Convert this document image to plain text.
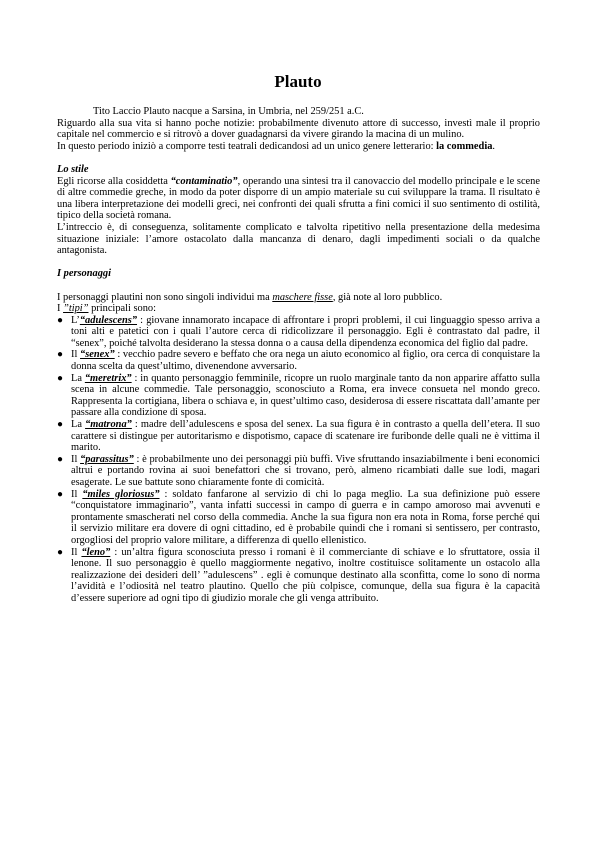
Plauto

Tito Laccio Plauto nacque a Sarsina, in Umbria, nel 259/251 a.C.

Riguardo alla sua vita si hanno poche notizie: probabilmente divenuto attore di successo, investì male il proprio capitale nel commercio e si ritrovò a dover guadagnarsi da vivere girando la macina di un mulino.

In questo periodo iniziò a comporre testi teatrali dedicandosi ad un unico genere letterario: la commedia.

Lo stile

Egli ricorse alla cosiddetta “contaminatio”, operando una sintesi tra il canovaccio del modello principale e le scene di altre commedie greche, in modo da poter disporre di un ampio materiale su cui sviluppare la trama. Il risultato è una libera interpretazione dei modelli greci, nei confronti dei quali sfrutta a fini comici il suo sentimento di ostilità, tipico della società romana.

L’intreccio è, di conseguenza, solitamente complicato e talvolta ripetitivo nella presentazione della medesima situazione iniziale: l’amore ostacolato dalla mancanza di denaro, dagli impedimenti sociali o da qualche antagonista.

I personaggi

I personaggi plautini non sono singoli individui ma maschere fisse, già note al loro pubblico.

I ”tipi” principali sono:

● L’“adulescens” : giovane innamorato incapace di affrontare i propri problemi, il cui linguaggio spesso arriva a toni alti e patetici con i quali l’autore cerca di ridicolizzare il personaggio. Egli è contrastato dal padre, il “senex”, poiché talvolta desiderano la stessa donna o a causa della dipendenza economica del figlio dal padre.
● Il “senex” : vecchio padre severo e beffato che ora nega un aiuto economico al figlio, ora cerca di conquistare la donna scelta da quest’ultimo, divenendone avversario.
● La “meretrix” : in quanto personaggio femminile, ricopre un ruolo marginale tanto da non apparire affatto sulla scena in alcune commedie. Tale personaggio, sconosciuto a Roma, era invece consueta nel mondo greco. Rappresenta la cortigiana, libera o schiava e, in quest’ultimo caso, desiderosa di essere riscattata dall’amante per passare alla condizione di sposa.
● La “matrona” : madre dell’adulescens e sposa del senex. La sua figura è in contrasto a quella dell’etera. Il suo carattere si distingue per autoritarismo e dispotismo, capace di scatenare ire furibonde delle quali ne è vittima il marito.
● Il “parassitus” : è probabilmente uno dei personaggi più buffi. Vive sfruttando insaziabilmente i beni economici altrui e portando rovina ai suoi benefattori che si trovano, però, almeno ricambiati dalle sue lodi, magari esagerate. Le sue battute sono chiaramente fonte di comicità.
● Il “miles gloriosus” : soldato fanfarone al servizio di chi lo paga meglio. La sua definizione può essere “conquistatore immaginario”, vanta infatti successi in campo di guerra e in campo amoroso mai avvenuti e prontamente smascherati nel corso della commedia. Anche la sua figura non era nota in Roma, forse perché qui il servizio militare era dovere di ogni cittadino, ed è probabile quindi che i romani si sentissero, per contrasto, orgogliosi del proprio valore militare, a differenza di quello ellenistico.
● Il “leno” : un’altra figura sconosciuta presso i romani è il commerciante di schiave e lo sfruttatore, ossia il lenone. Il suo personaggio è quello maggiormente negativo, inoltre costituisce solitamente un ostacolo alla realizzazione dei desideri dell’ ”adulescens” . egli è comunque destinato alla sconfitta, come lo sono di norma l’avidità e l’odiosità nel teatro plautino. Quello che più colpisce, comunque, della sua figura è la capacità d’essere superiore ad ogni tipo di giudizio morale che gli venga attribuito.
